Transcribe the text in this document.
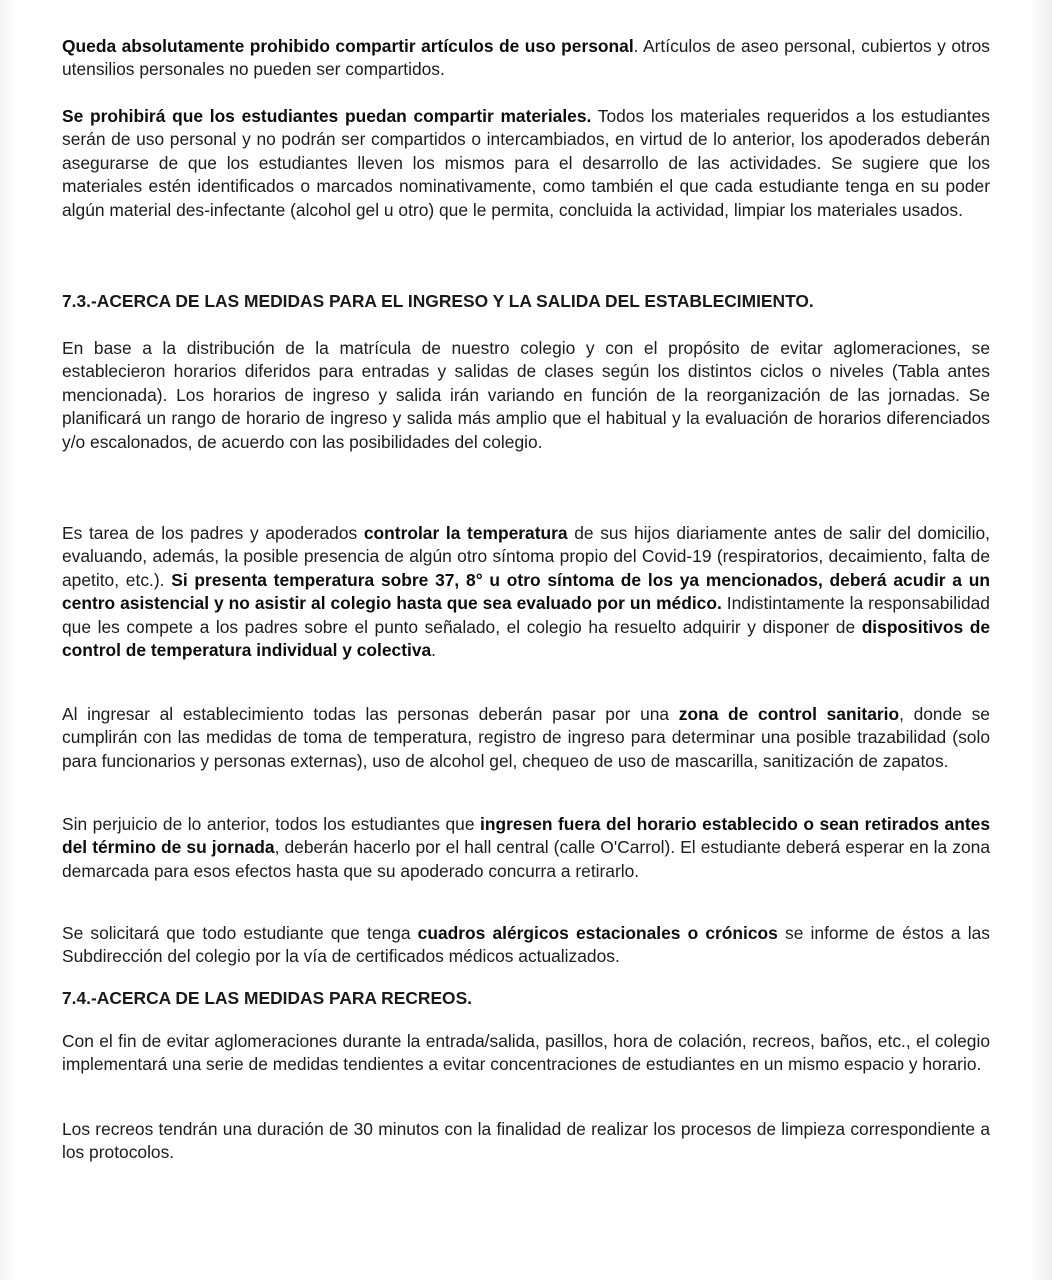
Queda absolutamente prohibido compartir artículos de uso personal. Artículos de aseo personal, cubiertos y otros utensilios personales no pueden ser compartidos.

Se prohibirá que los estudiantes puedan compartir materiales. Todos los materiales requeridos a los estudiantes serán de uso personal y no podrán ser compartidos o intercambiados, en virtud de lo anterior, los apoderados deberán asegurarse de que los estudiantes lleven los mismos para el desarrollo de las actividades. Se sugiere que los materiales estén identificados o marcados nominativamente, como también el que cada estudiante tenga en su poder algún material des-infectante (alcohol gel u otro) que le permita, concluida la actividad, limpiar los materiales usados.

7.3.-ACERCA DE LAS MEDIDAS PARA EL INGRESO Y LA SALIDA DEL ESTABLECIMIENTO.

En base a la distribución de la matrícula de nuestro colegio y con el propósito de evitar aglomeraciones, se establecieron horarios diferidos para entradas y salidas de clases según los distintos ciclos o niveles (Tabla antes mencionada). Los horarios de ingreso y salida irán variando en función de la reorganización de las jornadas. Se planificará un rango de horario de ingreso y salida más amplio que el habitual y la evaluación de horarios diferenciados y/o escalonados, de acuerdo con las posibilidades del colegio.

Es tarea de los padres y apoderados controlar la temperatura de sus hijos diariamente antes de salir del domicilio, evaluando, además, la posible presencia de algún otro síntoma propio del Covid-19 (respiratorios, decaimiento, falta de apetito, etc.). Si presenta temperatura sobre 37, 8° u otro síntoma de los ya mencionados, deberá acudir a un centro asistencial y no asistir al colegio hasta que sea evaluado por un médico. Indistintamente la responsabilidad que les compete a los padres sobre el punto señalado, el colegio ha resuelto adquirir y disponer de dispositivos de control de temperatura individual y colectiva.

Al ingresar al establecimiento todas las personas deberán pasar por una zona de control sanitario, donde se cumplirán con las medidas de toma de temperatura, registro de ingreso para determinar una posible trazabilidad (solo para funcionarios y personas externas), uso de alcohol gel, chequeo de uso de mascarilla, sanitización de zapatos.

Sin perjuicio de lo anterior, todos los estudiantes que ingresen fuera del horario establecido o sean retirados antes del término de su jornada, deberán hacerlo por el hall central (calle O'Carrol). El estudiante deberá esperar en la zona demarcada para esos efectos hasta que su apoderado concurra a retirarlo.

Se solicitará que todo estudiante que tenga cuadros alérgicos estacionales o crónicos se informe de éstos a las Subdirección del colegio por la vía de certificados médicos actualizados.

7.4.-ACERCA DE LAS MEDIDAS PARA RECREOS.

Con el fin de evitar aglomeraciones durante la entrada/salida, pasillos, hora de colación, recreos, baños, etc., el colegio implementará una serie de medidas tendientes a evitar concentraciones de estudiantes en un mismo espacio y horario.

Los recreos tendrán una duración de 30 minutos con la finalidad de realizar los procesos de limpieza correspondiente a los protocolos.
